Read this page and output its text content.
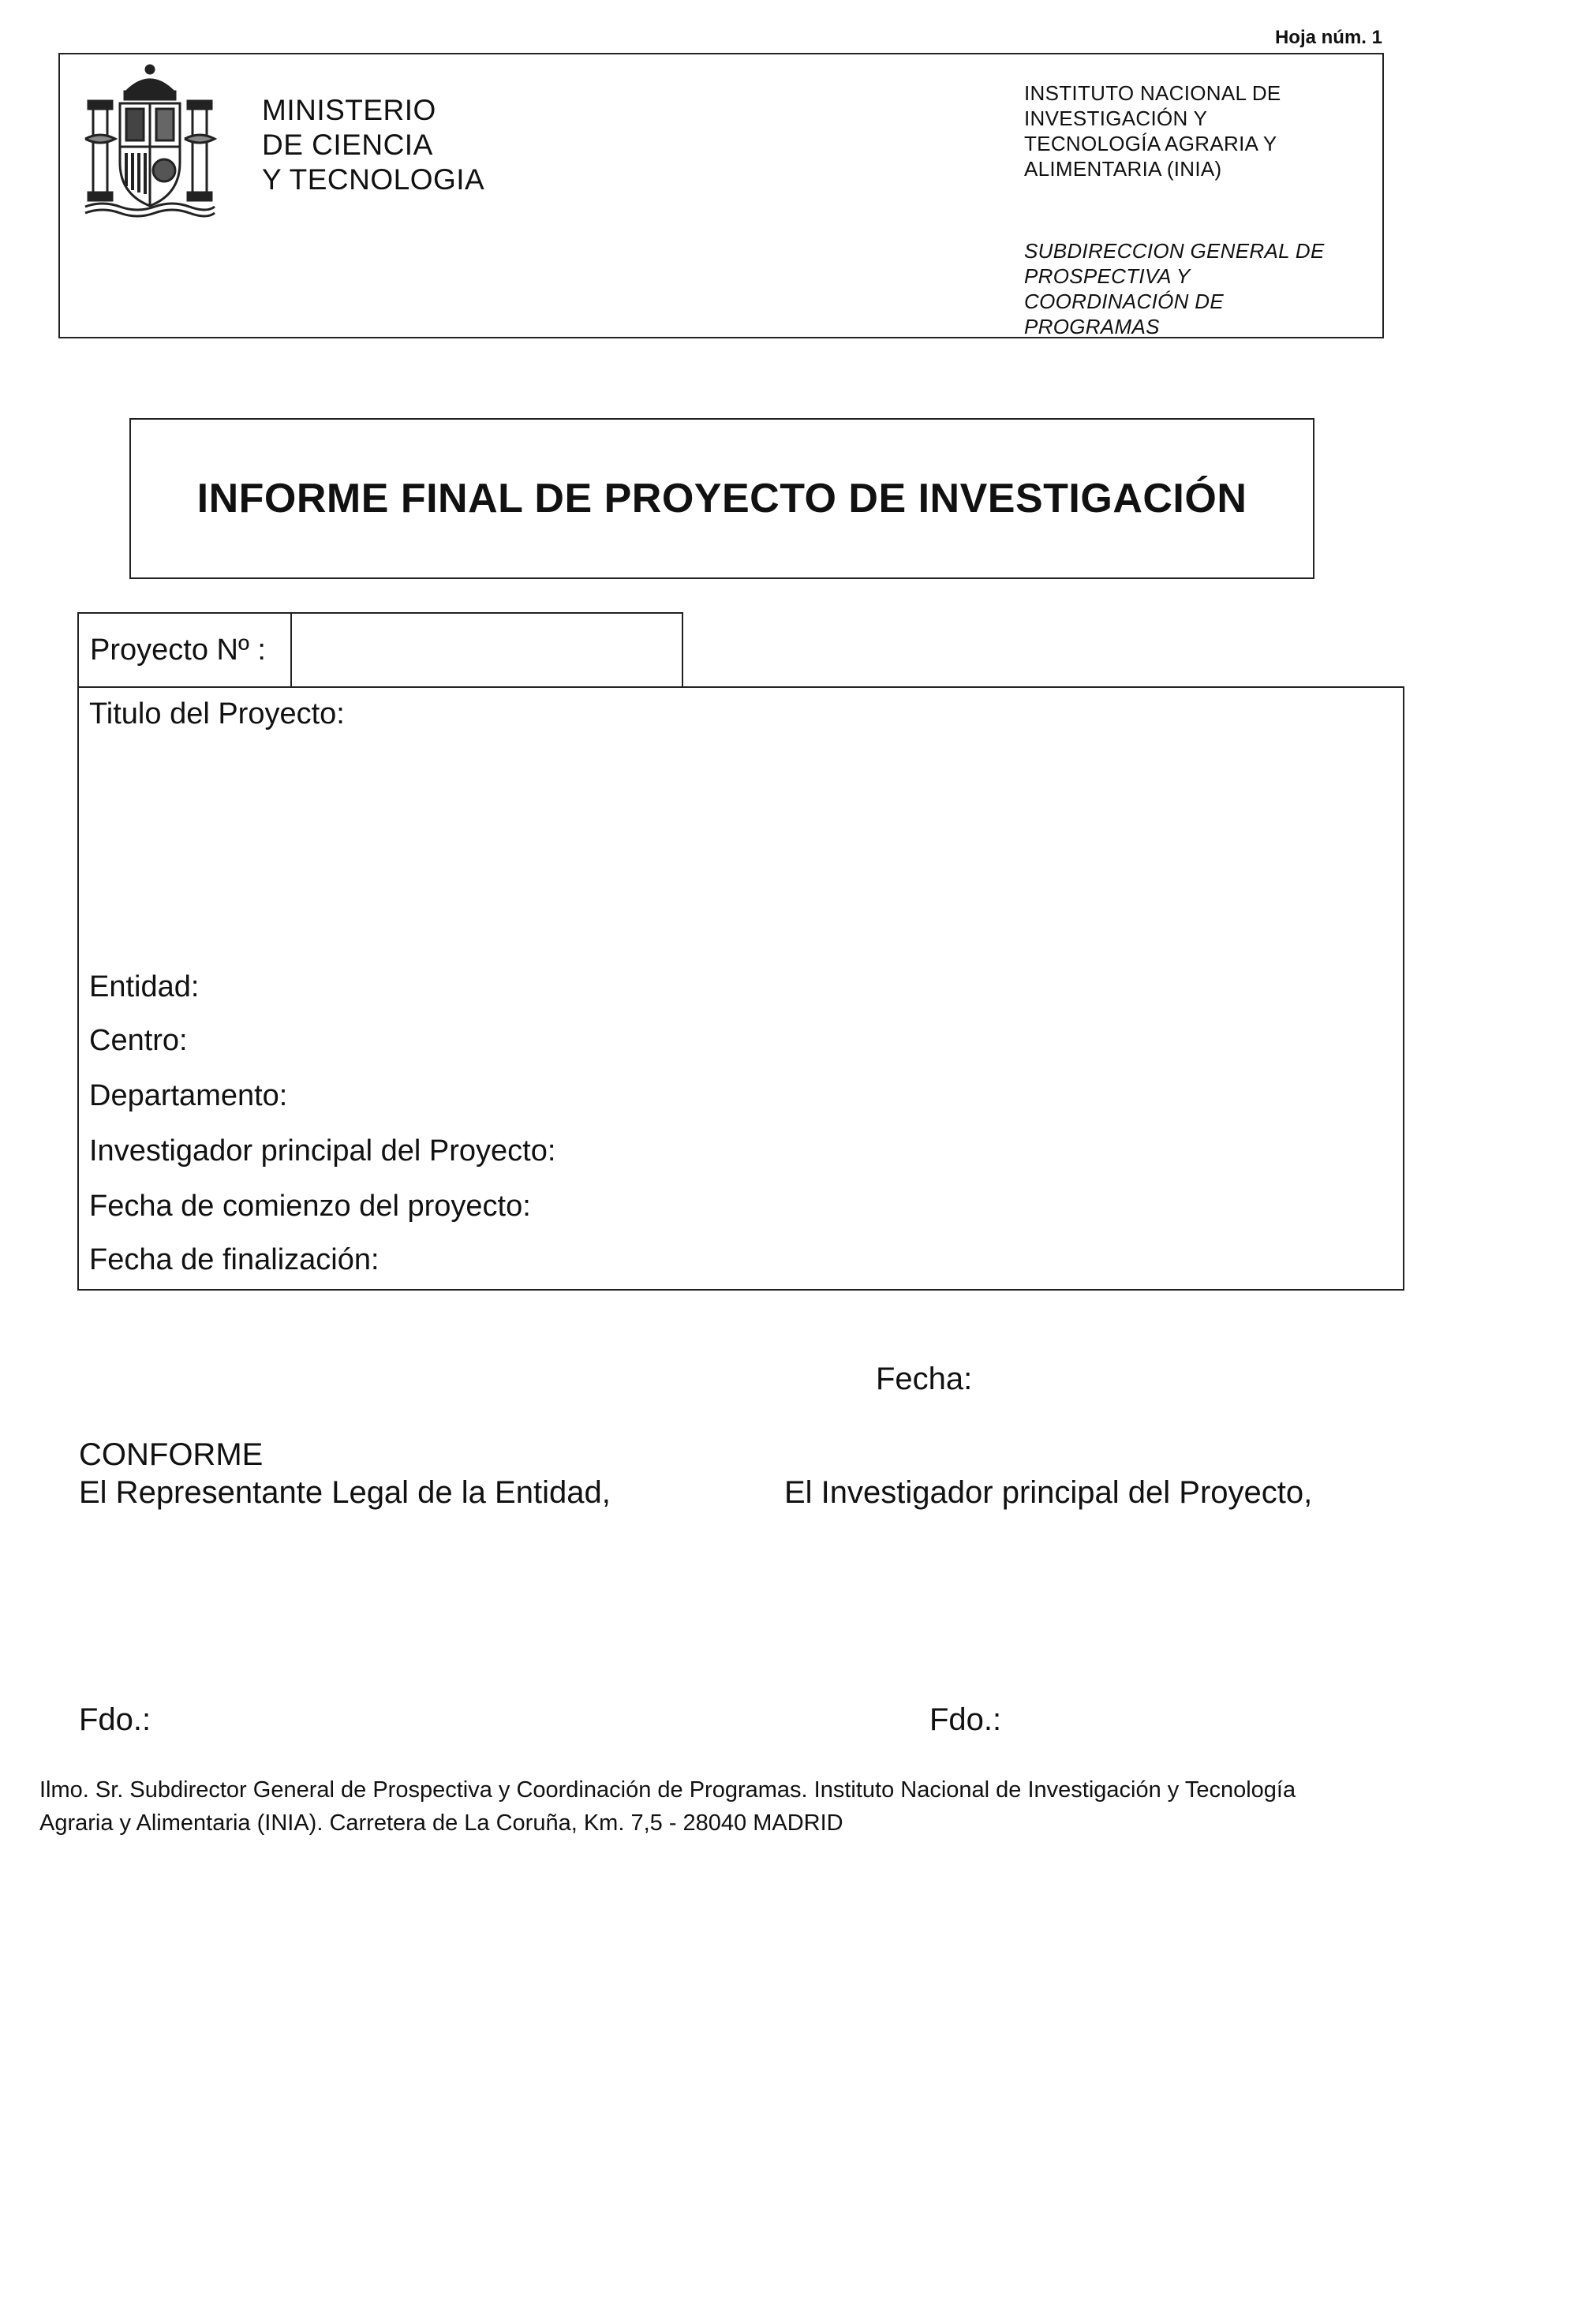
Hoja núm. 1
MINISTERIO
DE CIENCIA
Y TECNOLOGIA
INSTITUTO NACIONAL DE
INVESTIGACIÓN Y
TECNOLOGÍA AGRARIA Y
ALIMENTARIA (INIA)
SUBDIRECCION GENERAL DE
PROSPECTIVA Y
COORDINACIÓN DE
PROGRAMAS
INFORME FINAL DE PROYECTO DE INVESTIGACIÓN
Proyecto Nº :
Titulo del Proyecto:
Entidad:
Centro:
Departamento:
Investigador principal del Proyecto:
Fecha de comienzo del proyecto:
Fecha de finalización:
Fecha:
CONFORME
El Representante Legal de la Entidad,	El Investigador principal del Proyecto,
Fdo.:	Fdo.:
Ilmo. Sr. Subdirector General de Prospectiva y Coordinación de Programas. Instituto Nacional de Investigación y Tecnología
Agraria y Alimentaria (INIA). Carretera de La Coruña, Km. 7,5 - 28040 MADRID
